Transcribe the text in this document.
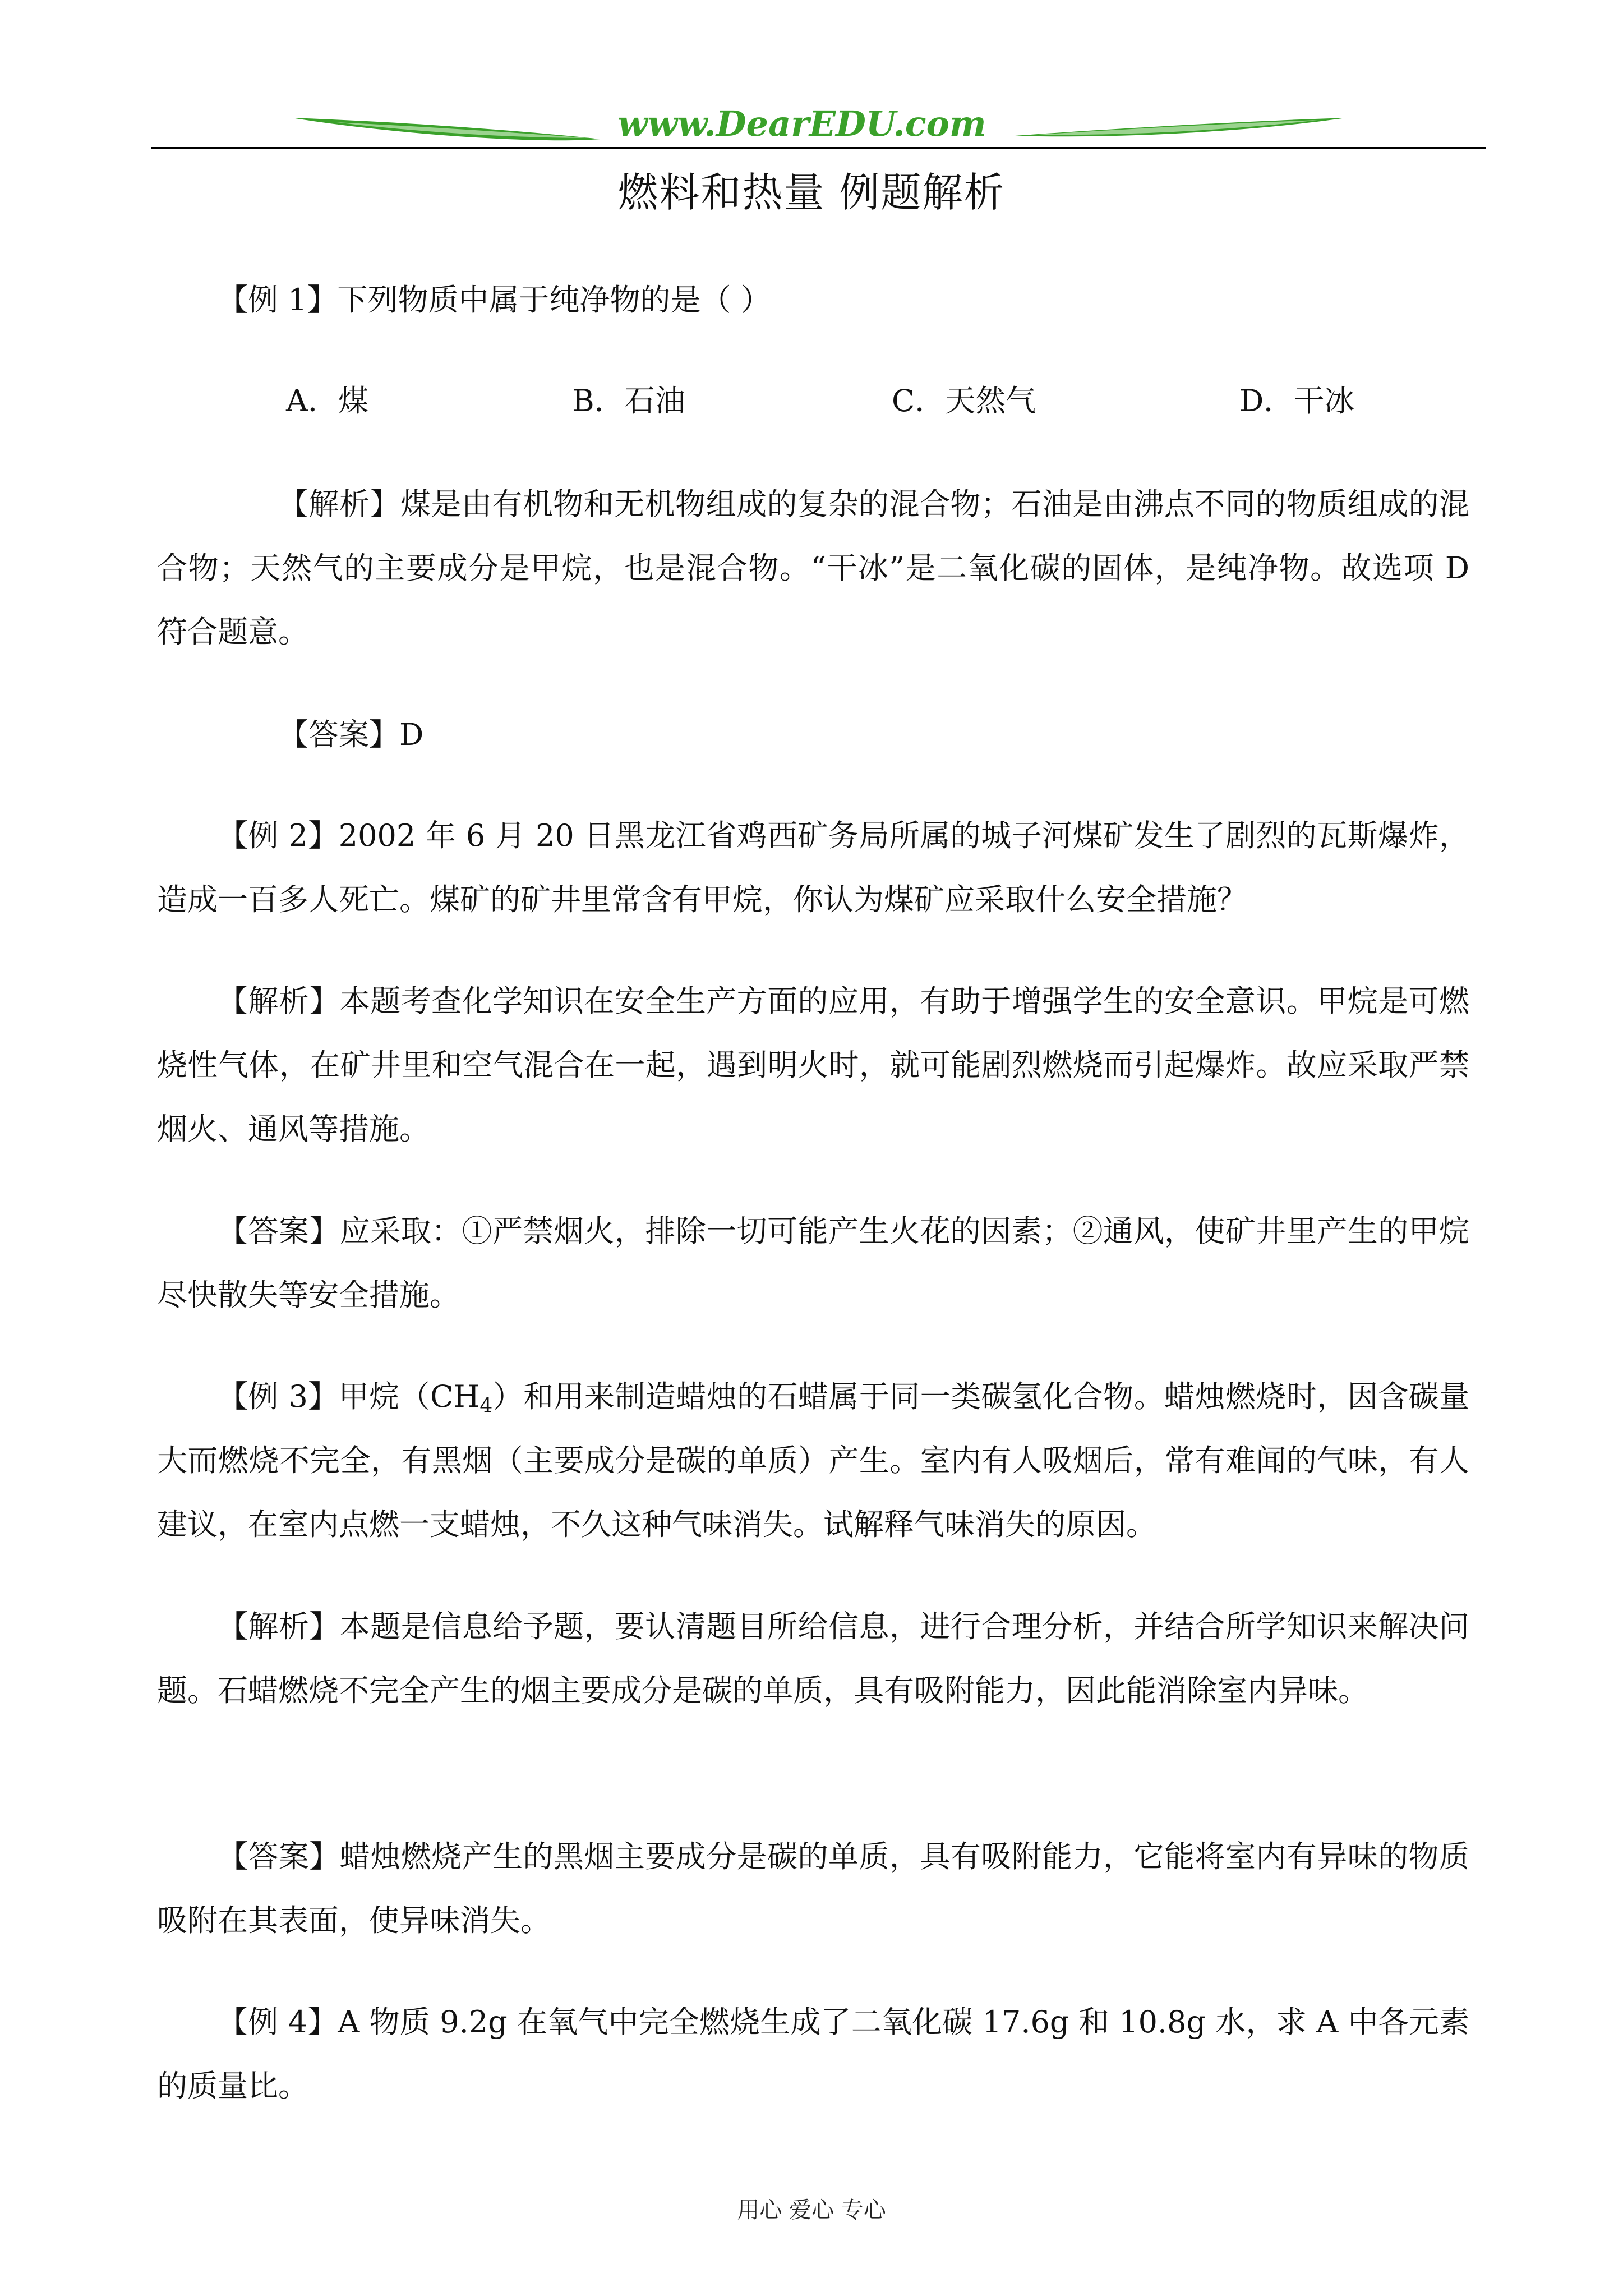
www.DearEDU.com
燃料和热量 例题解析
【例 1】下列物质中属于纯净物的是（ ）
A．煤	B．石油	C．天然气	D．干冰
【解析】煤是由有机物和无机物组成的复杂的混合物；石油是由沸点不同的物质组成的混合物；天然气的主要成分是甲烷，也是混合物。“干冰”是二氧化碳的固体，是纯净物。故选项 D 符合题意。
【答案】D
【例 2】2002 年 6 月 20 日黑龙江省鸡西矿务局所属的城子河煤矿发生了剧烈的瓦斯爆炸，造成一百多人死亡。煤矿的矿井里常含有甲烷，你认为煤矿应采取什么安全措施？
【解析】本题考查化学知识在安全生产方面的应用，有助于增强学生的安全意识。甲烷是可燃烧性气体，在矿井里和空气混合在一起，遇到明火时，就可能剧烈燃烧而引起爆炸。故应采取严禁烟火、通风等措施。
【答案】应采取：①严禁烟火，排除一切可能产生火花的因素；②通风，使矿井里产生的甲烷尽快散失等安全措施。
【例 3】甲烷$(CH_4)$和用来制造蜡烛的石蜡属于同一类碳氢化合物。蜡烛燃烧时，因含碳量大而燃烧不完全，有黑烟（主要成分是碳的单质）产生。室内有人吸烟后，常有难闻的气味，有人建议，在室内点燃一支蜡烛，不久这种气味消失。试解释气味消失的原因。
【解析】本题是信息给予题，要认清题目所给信息，进行合理分析，并结合所学知识来解决问题。石蜡燃烧不完全产生的烟主要成分是碳的单质，具有吸附能力，因此能消除室内异味。
【答案】蜡烛燃烧产生的黑烟主要成分是碳的单质，具有吸附能力，它能将室内有异味的物质吸附在其表面，使异味消失。
【例 4】A 物质 9.2g 在氧气中完全燃烧生成了二氧化碳 17.6g 和 10.8g 水，求 A 中各元素的质量比。
用心 爱心 专心
